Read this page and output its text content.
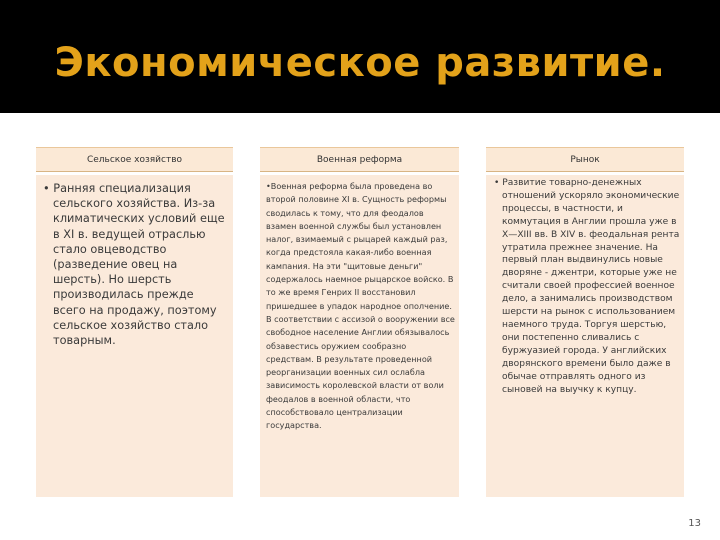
Экономическое развитие.
Сельское хозяйство

• Ранняя специализация сельского хозяйства. Из-за климатических условий еще в XI в. ведущей отраслью стало овцеводство (разведение овец на шерсть). Но шерсть производилась прежде всего на продажу, поэтому сельское хозяйство стало товарным.

Военная реформа

•Военная реформа была проведена во второй половине XI в. Сущность реформы сводилась к тому, что для феодалов взамен военной службы был установлен налог, взимаемый с рыцарей каждый раз, когда предстояла какая-либо военная кампания. На эти "щитовые деньги" содержалось наемное рыцарское войско. В то же время Генрих II восстановил пришедшее в упадок народное ополчение. В соответствии с ассизой о вооружении все свободное население Англии обязывалось обзавестись оружием сообразно средствам. В результате проведенной реорганизации военных сил ослабла зависимость королевской власти от воли феодалов в военной области, что способствовало централизации государства.

Рынок

• Развитие товарно-денежных отношений ускоряло экономические процессы, в частности, и коммутация в Англии прошла уже в X—XIII вв. В XIV в. феодальная рента утратила прежнее значение. На первый план выдвинулись новые дворяне - джентри, которые уже не считали своей профессией военное дело, а занимались производством шерсти на рынок с использованием наемного труда. Торгуя шерстью, они постепенно сливались с буржуазией города. У английских дворянского времени было даже в обычае отправлять одного из сыновей на выучку к купцу.

13
